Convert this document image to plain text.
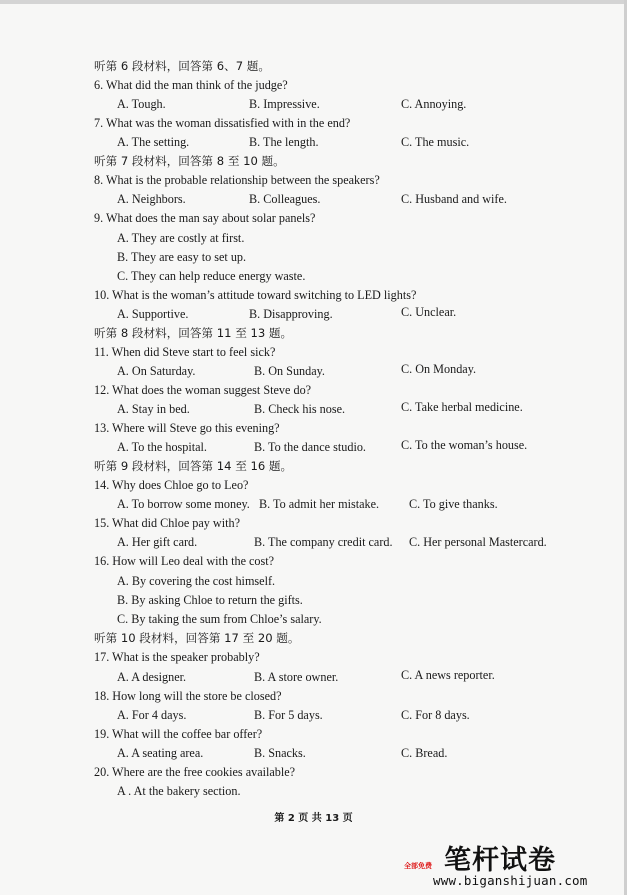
听第 6 段材料，回答第 6、7 题。
6. What did the man think of the judge?
A. Tough.	B. Impressive.	C. Annoying.
7. What was the woman dissatisfied with in the end?
A. The setting.	B. The length.	C. The music.
听第 7 段材料，回答第 8 至 10 题。
8. What is the probable relationship between the speakers?
A. Neighbors.	B. Colleagues.	C. Husband and wife.
9. What does the man say about solar panels?
A. They are costly at first.
B. They are easy to set up.
C. They can help reduce energy waste.
10. What is the woman’s attitude toward switching to LED lights?
A. Supportive.	B. Disapproving.	C. Unclear.
听第 8 段材料，回答第 11 至 13 题。
11. When did Steve start to feel sick?
A. On Saturday.	B. On Sunday.	C. On Monday.
12. What does the woman suggest Steve do?
A. Stay in bed.	B. Check his nose.	C. Take herbal medicine.
13. Where will Steve go this evening?
A. To the hospital.	B. To the dance studio.	C. To the woman’s house.
听第 9 段材料，回答第 14 至 16 题。
14. Why does Chloe go to Leo?
A. To borrow some money. B. To admit her mistake. C. To give thanks.
15. What did Chloe pay with?
A. Her gift card.	B. The company credit card. C. Her personal Mastercard.
16. How will Leo deal with the cost?
A. By covering the cost himself.
B. By asking Chloe to return the gifts.
C. By taking the sum from Chloe’s salary.
听第 10 段材料，回答第 17 至 20 题。
17. What is the speaker probably?
A. A designer.	B. A store owner.	C. A news reporter.
18. How long will the store be closed?
A. For 4 days.	B. For 5 days.	C. For 8 days.
19. What will the coffee bar offer?
A. A seating area.	B. Snacks.	C. Bread.
20. Where are the free cookies available?
A . At the bakery section.
第 2 页 共 13 页
笔杆试卷
全部免费
www.biganshijuan.com
